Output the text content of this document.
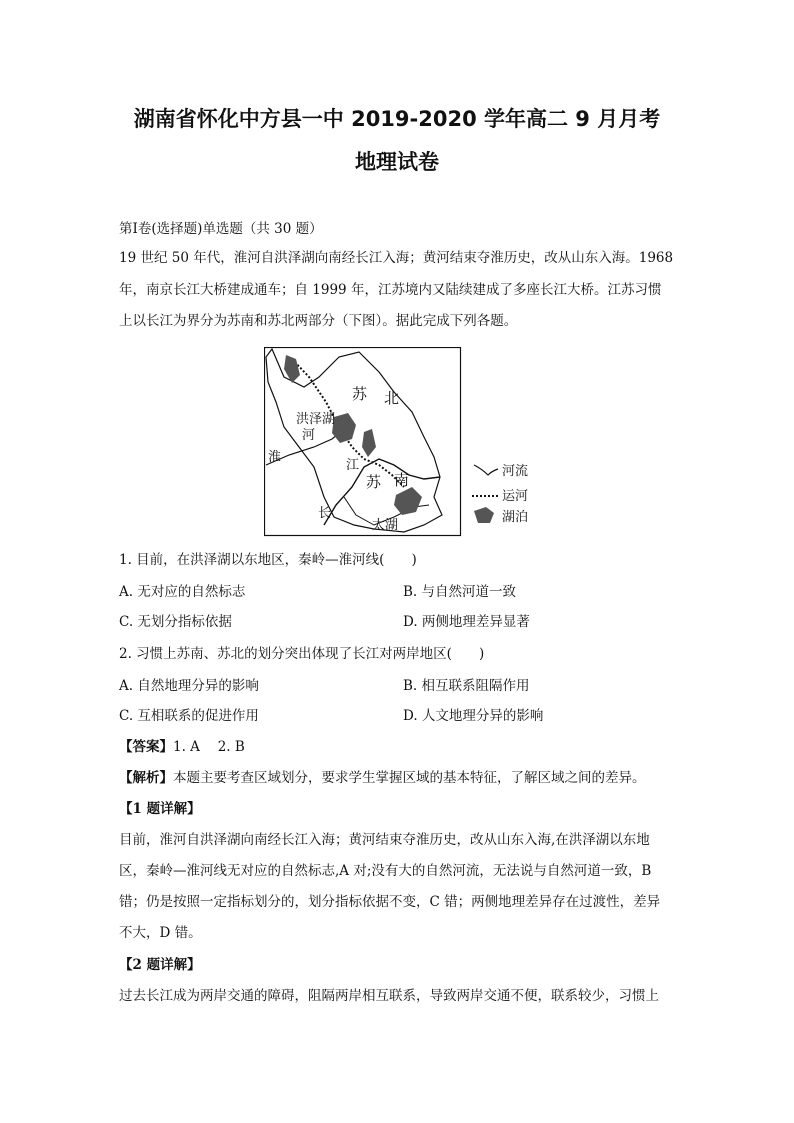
湖南省怀化中方县一中 2019-2020 学年高二 9 月月考
地理试卷
第Ⅰ卷(选择题)单选题（共 30 题）
19 世纪 50 年代，淮河自洪泽湖向南经长江入海；黄河结束夺淮历史，改从山东入海。1968
年，南京长江大桥建成通车；自 1999 年，江苏境内又陆续建成了多座长江大桥。江苏习惯
上以长江为界分为苏南和苏北两部分（下图）。据此完成下列各题。
苏 北
洪泽湖
河
淮
江
苏 南
长
太湖
河流
运河
湖泊
1. 目前，在洪泽湖以东地区，秦岭—淮河线(　　)
A. 无对应的自然标志	B. 与自然河道一致
C. 无划分指标依据	D. 两侧地理差异显著
2. 习惯上苏南、苏北的划分突出体现了长江对两岸地区(　　)
A. 自然地理分异的影响	B. 相互联系阻隔作用
C. 互相联系的促进作用	D. 人文地理分异的影响
【答案】1. A　 2. B
【解析】本题主要考查区域划分，要求学生掌握区域的基本特征，了解区域之间的差异。
【1 题详解】
目前，淮河自洪泽湖向南经长江入海；黄河结束夺淮历史，改从山东入海,在洪泽湖以东地
区，秦岭—淮河线无对应的自然标志,A 对;没有大的自然河流，无法说与自然河道一致，B
错；仍是按照一定指标划分的，划分指标依据不变，C 错；两侧地理差异存在过渡性，差异
不大，D 错。
【2 题详解】
过去长江成为两岸交通的障碍，阻隔两岸相互联系，导致两岸交通不便，联系较少，习惯上
